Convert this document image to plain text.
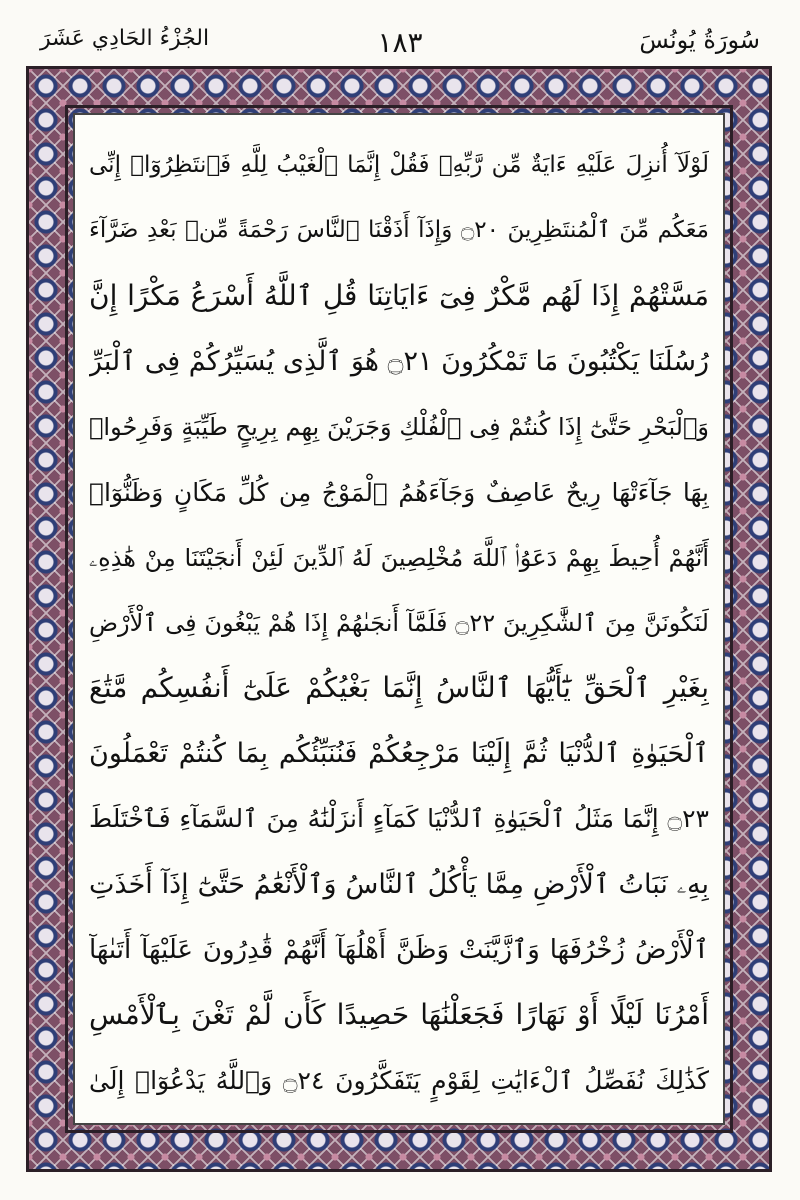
سُورَةُ يُونُسَ
١٨٣
الجُزْءُ الحَادِي عَشَرَ
لَوْلَآ أُنزِلَ عَلَيْهِ ءَايَةٌ مِّن رَّبِّهِۦ فَقُلْ إِنَّمَا ٱلْغَيْبُ لِلَّهِ فَٱنتَظِرُوٓا۟ إِنِّى
مَعَكُم مِّنَ ٱلْمُنتَظِرِينَ ۝٢٠ وَإِذَآ أَذَقْنَا ٱلنَّاسَ رَحْمَةً مِّنۢ بَعْدِ ضَرَّآءَ
مَسَّتْهُمْ إِذَا لَهُم مَّكْرٌ فِىٓ ءَايَاتِنَا قُلِ ٱللَّهُ أَسْرَعُ مَكْرًا إِنَّ
رُسُلَنَا يَكْتُبُونَ مَا تَمْكُرُونَ ۝٢١ هُوَ ٱلَّذِى يُسَيِّرُكُمْ فِى ٱلْبَرِّ
وَٱلْبَحْرِ حَتَّىٰٓ إِذَا كُنتُمْ فِى ٱلْفُلْكِ وَجَرَيْنَ بِهِم بِرِيحٍ طَيِّبَةٍ وَفَرِحُوا۟
بِهَا جَآءَتْهَا رِيحٌ عَاصِفٌ وَجَآءَهُمُ ٱلْمَوْجُ مِن كُلِّ مَكَانٍ وَظَنُّوٓا۟
أَنَّهُمْ أُحِيطَ بِهِمْ دَعَوُا۟ ٱللَّهَ مُخْلِصِينَ لَهُ ٱلدِّينَ لَئِنْ أَنجَيْتَنَا مِنْ هَٰذِهِۦ
لَنَكُونَنَّ مِنَ ٱلشَّٰكِرِينَ ۝٢٢ فَلَمَّآ أَنجَىٰهُمْ إِذَا هُمْ يَبْغُونَ فِى ٱلْأَرْضِ
بِغَيْرِ ٱلْحَقِّ يَٰٓأَيُّهَا ٱلنَّاسُ إِنَّمَا بَغْيُكُمْ عَلَىٰٓ أَنفُسِكُم مَّتَٰعَ
ٱلْحَيَوٰةِ ٱلدُّنْيَا ثُمَّ إِلَيْنَا مَرْجِعُكُمْ فَنُنَبِّئُكُم بِمَا كُنتُمْ تَعْمَلُونَ
۝٢٣ إِنَّمَا مَثَلُ ٱلْحَيَوٰةِ ٱلدُّنْيَا كَمَآءٍ أَنزَلْنَٰهُ مِنَ ٱلسَّمَآءِ فَٱخْتَلَطَ
بِهِۦ نَبَاتُ ٱلْأَرْضِ مِمَّا يَأْكُلُ ٱلنَّاسُ وَٱلْأَنْعَٰمُ حَتَّىٰٓ إِذَآ أَخَذَتِ
ٱلْأَرْضُ زُخْرُفَهَا وَٱزَّيَّنَتْ وَظَنَّ أَهْلُهَآ أَنَّهُمْ قَٰدِرُونَ عَلَيْهَآ أَتَىٰهَآ
أَمْرُنَا لَيْلًا أَوْ نَهَارًا فَجَعَلْنَٰهَا حَصِيدًا كَأَن لَّمْ تَغْنَ بِٱلْأَمْسِ
كَذَٰلِكَ نُفَصِّلُ ٱلْءَايَٰتِ لِقَوْمٍ يَتَفَكَّرُونَ ۝٢٤ وَٱللَّهُ يَدْعُوٓا۟ إِلَىٰ
